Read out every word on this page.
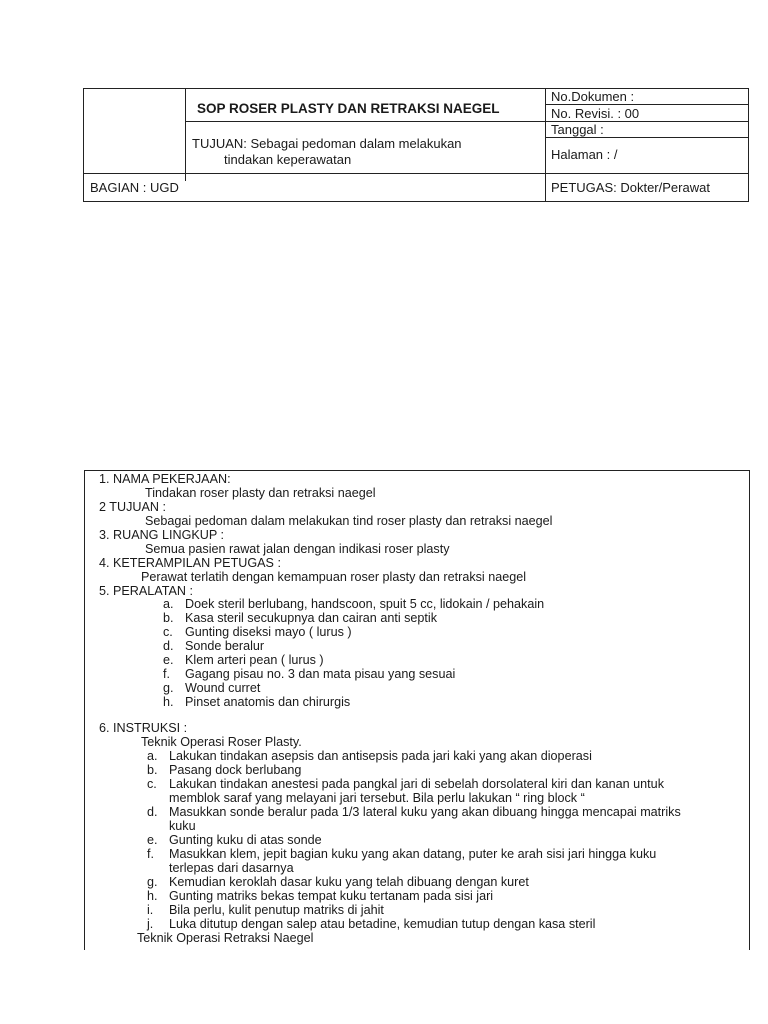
SOP ROSER PLASTY DAN RETRAKSI NAEGEL
TUJUAN: Sebagai pedoman dalam melakukan
tindakan keperawatan
No.Dokumen :
No. Revisi. : 00
Tanggal :
Halaman : /
BAGIAN : UGD	PETUGAS: Dokter/Perawat
1. NAMA PEKERJAAN:
Tindakan roser plasty dan retraksi naegel
2 TUJUAN :
Sebagai pedoman dalam melakukan tind roser plasty dan retraksi naegel
3. RUANG LINGKUP :
Semua pasien rawat jalan dengan indikasi roser plasty
4. KETERAMPILAN PETUGAS :
Perawat terlatih dengan kemampuan roser plasty dan retraksi naegel
5. PERALATAN :
a. Doek steril berlubang, handscoon, spuit 5 cc, lidokain / pehakain
b. Kasa steril secukupnya dan cairan anti septik
c. Gunting diseksi mayo ( lurus )
d. Sonde beralur
e. Klem arteri pean ( lurus )
f. Gagang pisau no. 3 dan mata pisau yang sesuai
g. Wound curret
h. Pinset anatomis dan chirurgis
6. INSTRUKSI :
Teknik Operasi Roser Plasty.
a. Lakukan tindakan asepsis dan antisepsis pada jari kaki yang akan dioperasi
b. Pasang dock berlubang
c. Lakukan tindakan anestesi pada pangkal jari di sebelah dorsolateral kiri dan kanan untuk
memblok saraf yang melayani jari tersebut. Bila perlu lakukan “ ring block “
d. Masukkan sonde beralur pada 1/3 lateral kuku yang akan dibuang hingga mencapai matriks
kuku
e. Gunting kuku di atas sonde
f. Masukkan klem, jepit bagian kuku yang akan datang, puter ke arah sisi jari hingga kuku
terlepas dari dasarnya
g. Kemudian keroklah dasar kuku yang telah dibuang dengan kuret
h. Gunting matriks bekas tempat kuku tertanam pada sisi jari
i. Bila perlu, kulit penutup matriks di jahit
j. Luka ditutup dengan salep atau betadine, kemudian tutup dengan kasa steril
Teknik Operasi Retraksi Naegel
